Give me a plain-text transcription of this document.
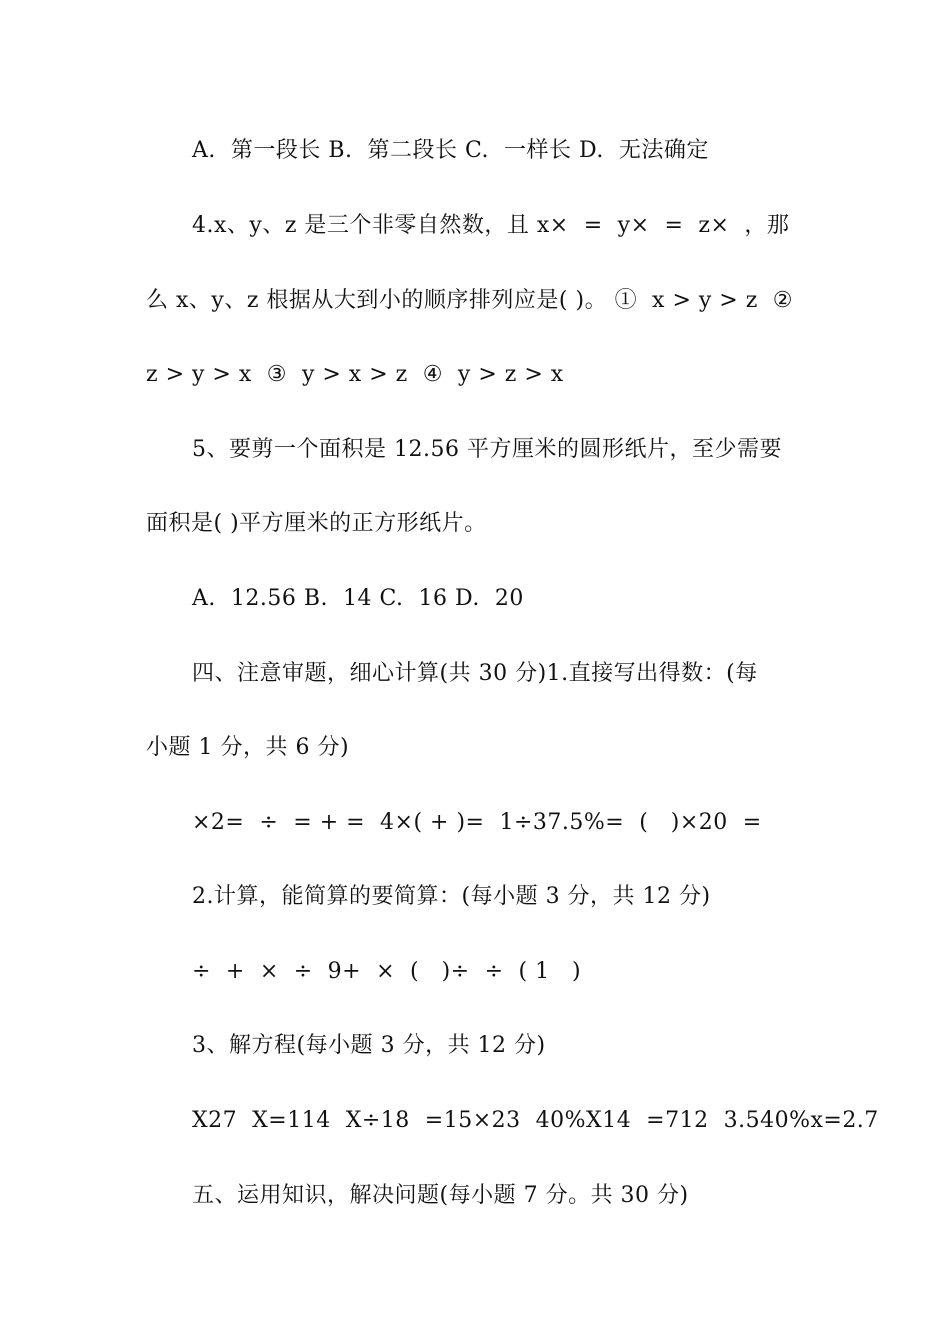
A.  第一段长 B.  第二段长 C.  一样长 D.  无法确定
4.x、y、z 是三个非零自然数，且 x×  =  y×  =  z×  ，那
么 x、y、z 根据从大到小的顺序排列应是( )。 ①  x > y > z  ②
z > y > x  ③  y > x > z  ④  y > z > x
5、要剪一个面积是 12.56 平方厘米的圆形纸片，至少需要
面积是( )平方厘米的正方形纸片。
A.  12.56 B.  14 C.  16 D.  20
四、注意审题，细心计算(共 30 分)1.直接写出得数：(每
小题 1 分，共 6 分)
×2=  ÷  = + =  4×( + )=  1÷37.5%=  (   )×20  =
2.计算，能简算的要简算：(每小题 3 分，共 12 分)
÷  +  ×  ÷  9+  ×  (   )÷  ÷  ( 1   )
3、解方程(每小题 3 分，共 12 分)
X27  X=114  X÷18  =15×23  40%X14  =712  3.540%x=2.7
五、运用知识，解决问题(每小题 7 分。共 30 分)
